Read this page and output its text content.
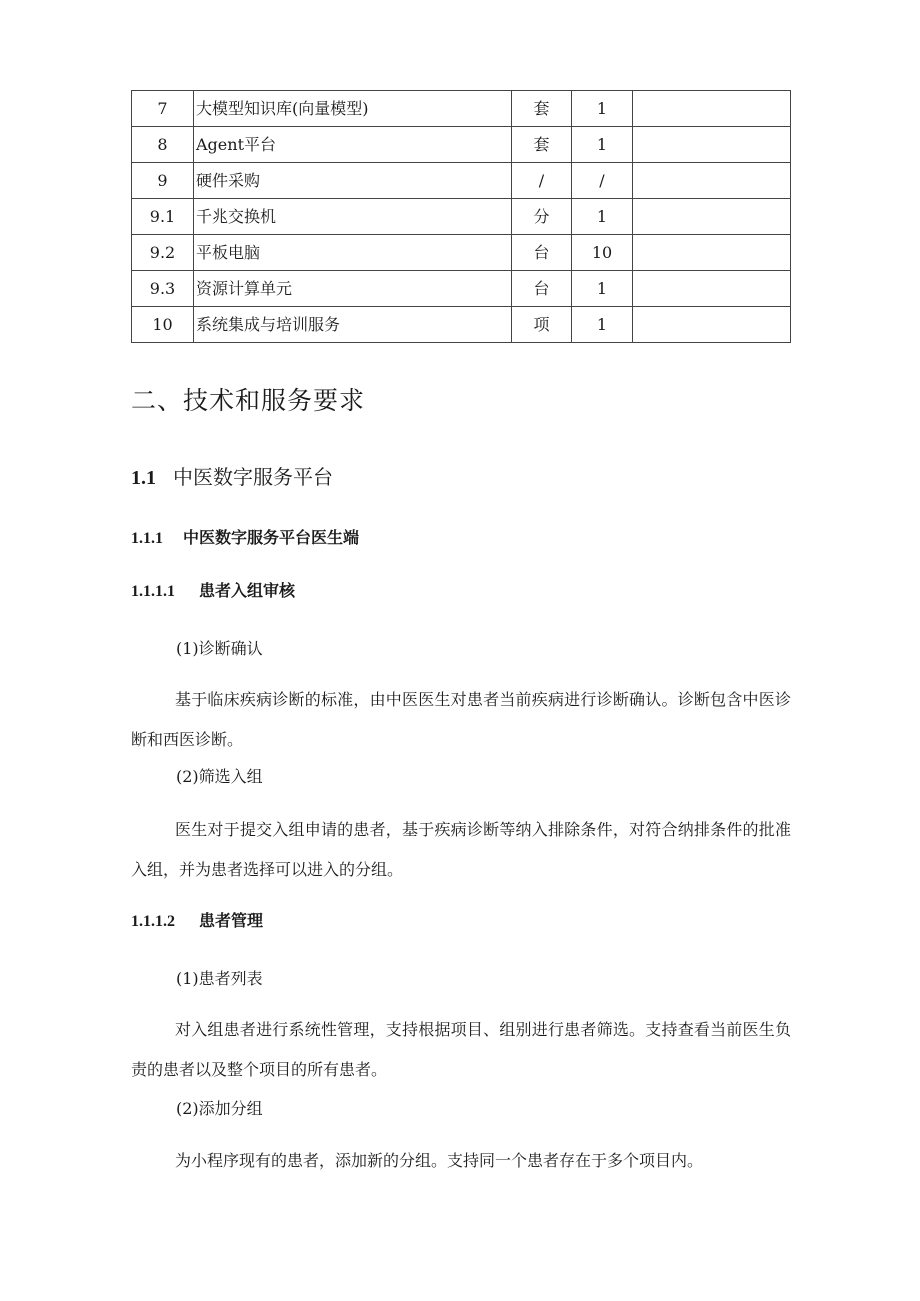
7	大模型知识库(向量模型)	套	1	
8	Agent平台	套	1	
9	硬件采购	/	/	
9.1	千兆交换机	分	1	
9.2	平板电脑	台	10	
9.3	资源计算单元	台	1	
10	系统集成与培训服务	项	1	
二、技术和服务要求
1.1 中医数字服务平台
1.1.1 中医数字服务平台医生端
1.1.1.1 患者入组审核
(1)诊断确认

基于临床疾病诊断的标准，由中医医生对患者当前疾病进行诊断确认。诊断包含中医诊断和西医诊断。

(2)筛选入组

医生对于提交入组申请的患者，基于疾病诊断等纳入排除条件，对符合纳排条件的批准入组，并为患者选择可以进入的分组。

1.1.1.2 患者管理
(1)患者列表

对入组患者进行系统性管理，支持根据项目、组别进行患者筛选。支持查看当前医生负责的患者以及整个项目的所有患者。

(2)添加分组

为小程序现有的患者，添加新的分组。支持同一个患者存在于多个项目内。
